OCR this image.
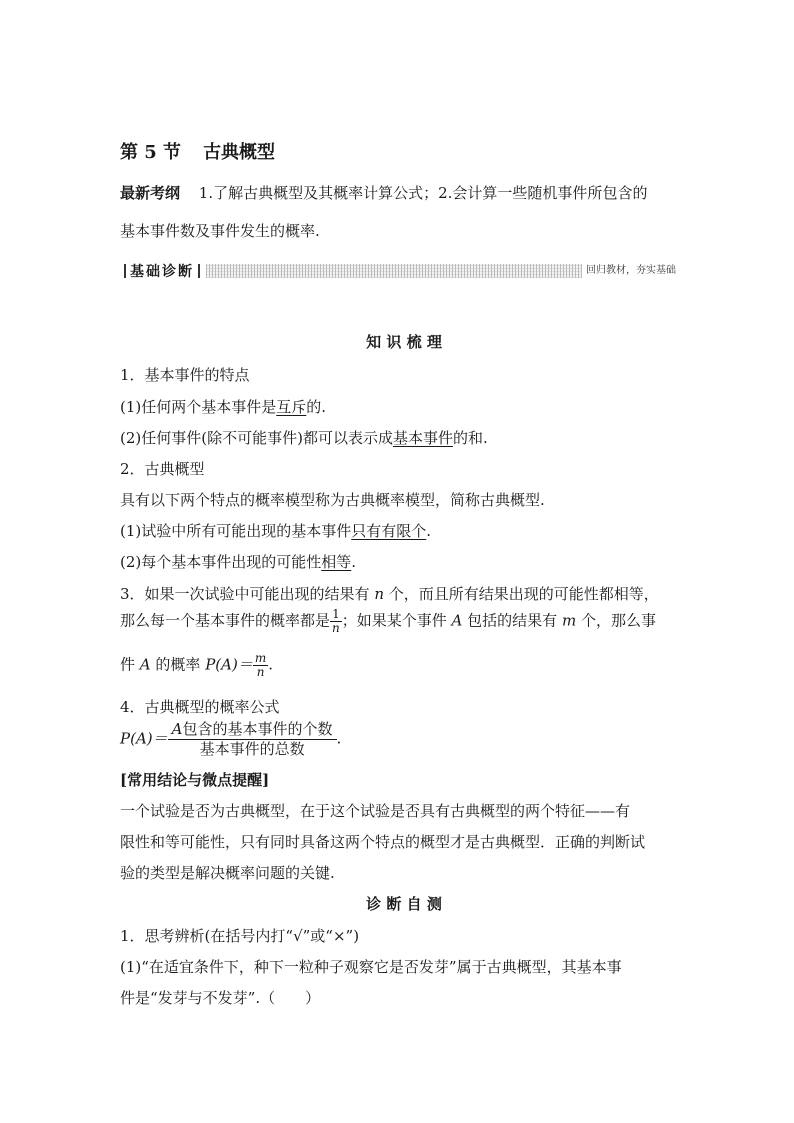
第 5 节 古典概型
最新考纲 1.了解古典概型及其概率计算公式；2.会计算一些随机事件所包含的
基本事件数及事件发生的概率.
基础诊断	回归教材，夯实基础
知 识 梳 理
1．基本事件的特点
(1)任何两个基本事件是互斥的.
(2)任何事件(除不可能事件)都可以表示成基本事件的和.
2．古典概型
具有以下两个特点的概率模型称为古典概率模型，简称古典概型.
(1)试验中所有可能出现的基本事件只有有限个.
(2)每个基本事件出现的可能性相等.
3．如果一次试验中可能出现的结果有 n 个，而且所有结果出现的可能性都相等，
那么每一个基本事件的概率都是 $\frac{1}{n}$ ；如果某个事件 A 包括的结果有 m 个，那么事
件 A 的概率 $P(A)= \frac{m}{n}$ .
4．古典概型的概率公式
$P(A)= \frac{\text{A包含的基本事件的个数}}{\text{基本事件的总数}}$ .
[常用结论与微点提醒]
一个试验是否为古典概型，在于这个试验是否具有古典概型的两个特征——有
限性和等可能性，只有同时具备这两个特点的概型才是古典概型．正确的判断试
验的类型是解决概率问题的关键.
诊 断 自 测
1．思考辨析(在括号内打“√”或“×”)
(1)“在适宜条件下，种下一粒种子观察它是否发芽”属于古典概型，其基本事
件是“发芽与不发芽”.（　　）
